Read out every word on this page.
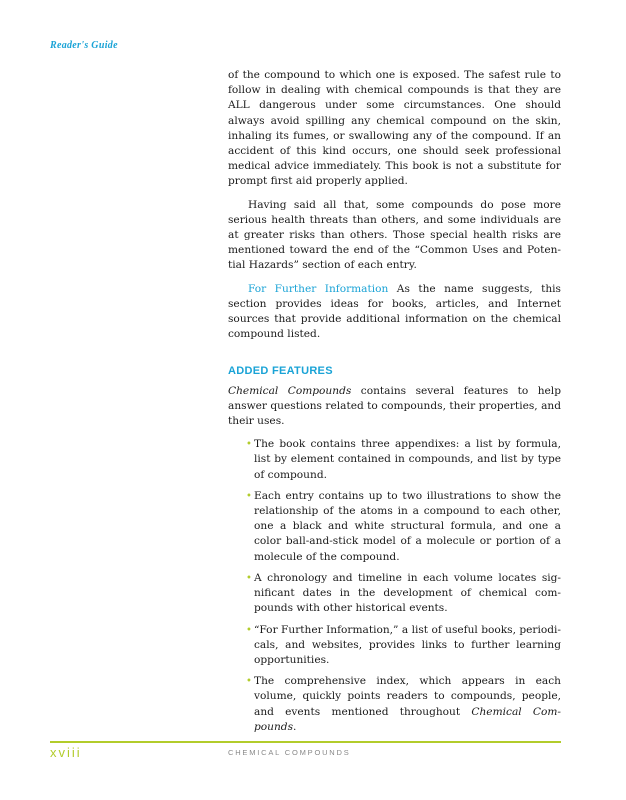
Reader's Guide

of the compound to which one is exposed. The safest rule to follow in dealing with chemical compounds is that they are ALL dangerous under some circumstances. One should always avoid spilling any chemical compound on the skin, inhaling its fumes, or swallowing any of the compound. If an accident of this kind occurs, one should seek professional medical advice immediately. This book is not a substitute for prompt first aid properly applied.

Having said all that, some compounds do pose more serious health threats than others, and some individuals are at greater risks than others. Those special health risks are mentioned toward the end of the “Common Uses and Poten- tial Hazards” section of each entry.

For Further Information As the name suggests, this section provides ideas for books, articles, and Internet sources that provide additional information on the chemical compound listed.

ADDED FEATURES

Chemical Compounds contains several features to help answer questions related to compounds, their properties, and their uses.

• The book contains three appendixes: a list by formula, list by element contained in compounds, and list by type of compound.
• Each entry contains up to two illustrations to show the relationship of the atoms in a compound to each other, one a black and white structural formula, and one a color ball-and-stick model of a molecule or portion of a molecule of the compound.
• A chronology and timeline in each volume locates sig- nificant dates in the development of chemical com- pounds with other historical events.
• “For Further Information,” a list of useful books, periodi- cals, and websites, provides links to further learning opportunities.
• The comprehensive index, which appears in each volume, quickly points readers to compounds, people, and events mentioned throughout Chemical Com- pounds.
xviii	CHEMICAL COMPOUNDS
